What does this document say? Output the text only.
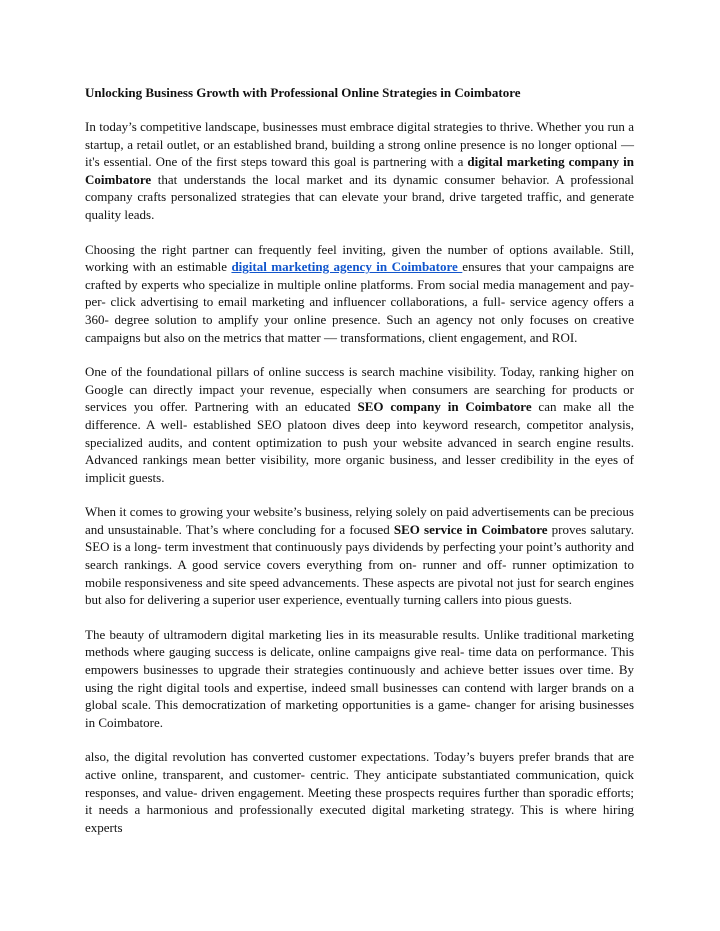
Unlocking Business Growth with Professional Online Strategies in Coimbatore

In today’s competitive landscape, businesses must embrace digital strategies to thrive. Whether you run a startup, a retail outlet, or an established brand, building a strong online presence is no longer optional — it's essential. One of the first steps toward this goal is partnering with a digital marketing company in Coimbatore that understands the local market and its dynamic consumer behavior. A professional company crafts personalized strategies that can elevate your brand, drive targeted traffic, and generate quality leads.

Choosing the right partner can frequently feel inviting, given the number of options available. Still, working with an estimable digital marketing agency in Coimbatore ensures that your campaigns are crafted by experts who specialize in multiple online platforms. From social media management and pay-per- click advertising to email marketing and influencer collaborations, a full- service agency offers a 360- degree solution to amplify your online presence. Such an agency not only focuses on creative campaigns but also on the metrics that matter — transformations, client engagement, and ROI.

One of the foundational pillars of online success is search machine visibility. Today, ranking higher on Google can directly impact your revenue, especially when consumers are searching for products or services you offer. Partnering with an educated SEO company in Coimbatore can make all the difference. A well- established SEO platoon dives deep into keyword research, competitor analysis, specialized audits, and content optimization to push your website advanced in search engine results. Advanced rankings mean better visibility, more organic business, and lesser credibility in the eyes of implicit guests.

When it comes to growing your website’s business, relying solely on paid advertisements can be precious and unsustainable. That’s where concluding for a focused SEO service in Coimbatore proves salutary. SEO is a long- term investment that continuously pays dividends by perfecting your point’s authority and search rankings. A good service covers everything from on- runner and off- runner optimization to mobile responsiveness and site speed advancements. These aspects are pivotal not just for search engines but also for delivering a superior user experience, eventually turning callers into pious guests.

The beauty of ultramodern digital marketing lies in its measurable results. Unlike traditional marketing methods where gauging success is delicate, online campaigns give real- time data on performance. This empowers businesses to upgrade their strategies continuously and achieve better issues over time. By using the right digital tools and expertise, indeed small businesses can contend with larger brands on a global scale. This democratization of marketing opportunities is a game- changer for arising businesses in Coimbatore.

also, the digital revolution has converted customer expectations. Today’s buyers prefer brands that are active online, transparent, and customer- centric. They anticipate substantiated communication, quick responses, and value- driven engagement. Meeting these prospects requires further than sporadic efforts; it needs a harmonious and professionally executed digital marketing strategy. This is where hiring experts
